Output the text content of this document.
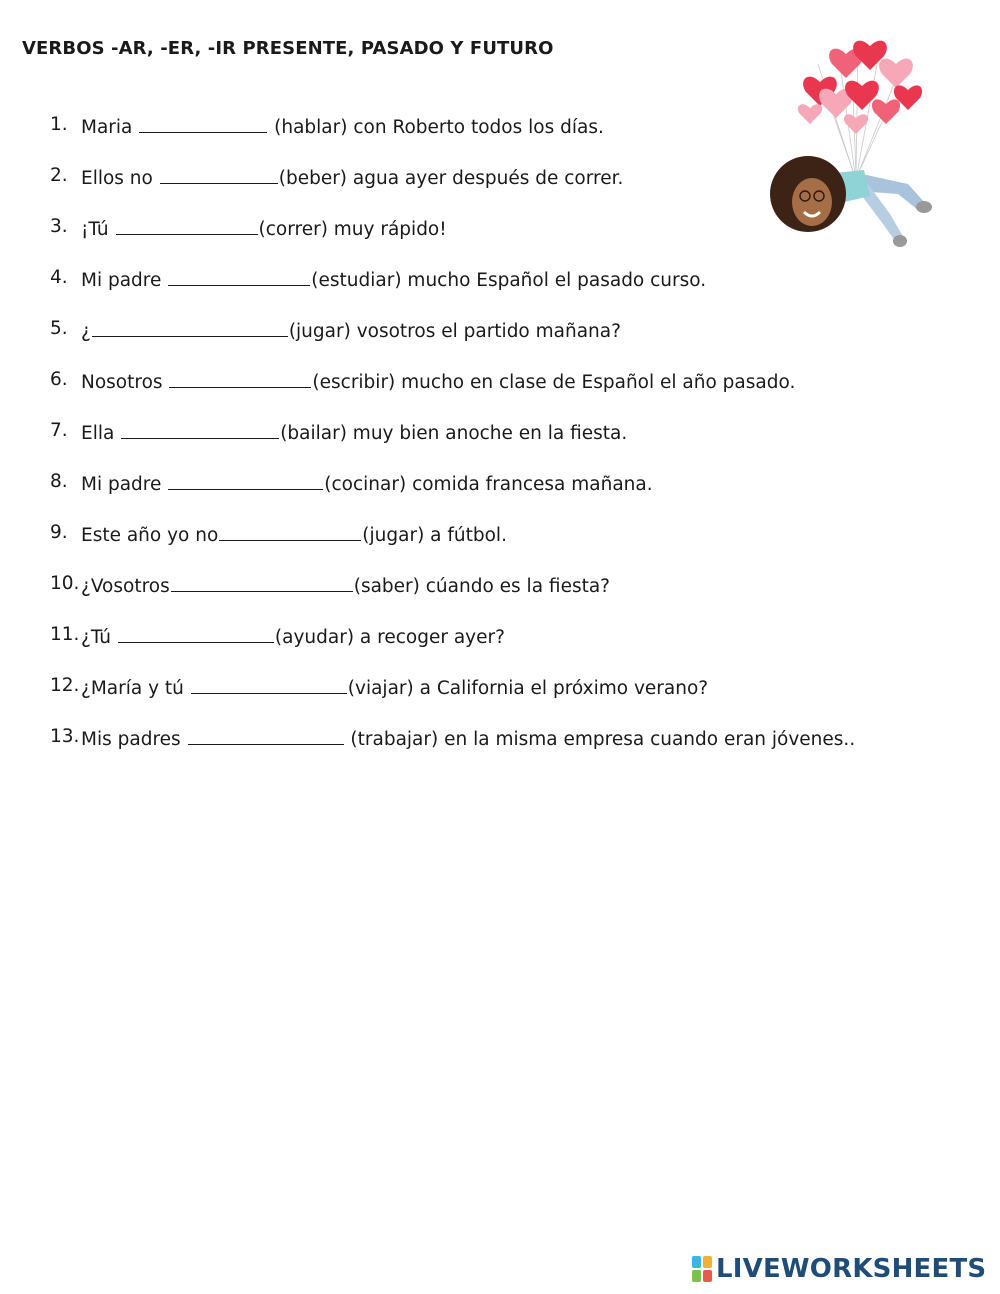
VERBOS -AR, -ER, -IR PRESENTE, PASADO Y FUTURO
1. Maria	(hablar) con Roberto todos los días.
2. Ellos no	(beber) agua ayer después de correr.
3. ¡Tú	(correr) muy rápido!
4. Mi padre	(estudiar) mucho Español el pasado curso.
5. ¿	(jugar) vosotros el partido mañana?
6. Nosotros	(escribir) mucho en clase de Español el año pasado.
7. Ella	(bailar) muy bien anoche en la fiesta.
8. Mi padre	(cocinar) comida francesa mañana.
9. Este año yo no	(jugar) a fútbol.
10. ¿Vosotros	(saber) cúando es la fiesta?
11. ¿Tú	(ayudar) a recoger ayer?
12. ¿María y tú	(viajar) a California el próximo verano?
13. Mis padres	(trabajar) en la misma empresa cuando eran jóvenes..
LIVEWORKSHEETS
